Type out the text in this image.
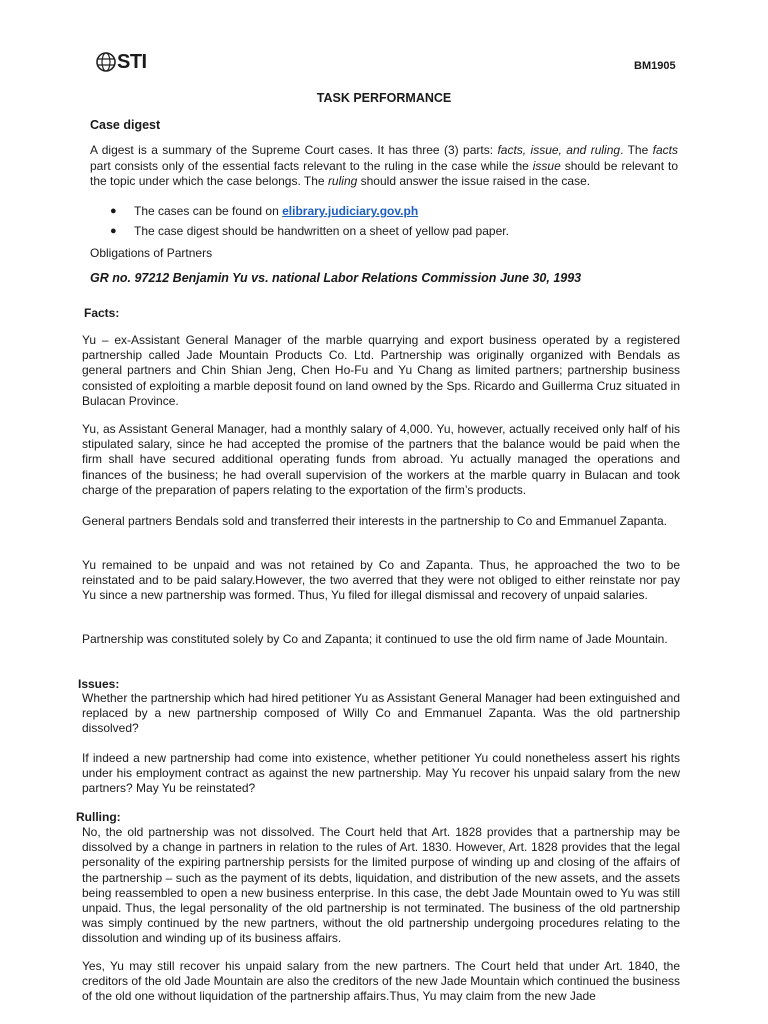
STI	BM1905
TASK PERFORMANCE
Case digest
A digest is a summary of the Supreme Court cases. It has three (3) parts: facts, issue, and ruling. The facts part consists only of the essential facts relevant to the ruling in the case while the issue should be relevant to the topic under which the case belongs. The ruling should answer the issue raised in the case.
●	The cases can be found on elibrary.judiciary.gov.ph
●	The case digest should be handwritten on a sheet of yellow pad paper.
Obligations of Partners
GR no. 97212 Benjamin Yu vs. national Labor Relations Commission June 30, 1993
Facts:
Yu – ex-Assistant General Manager of the marble quarrying and export business operated by a registered partnership called Jade Mountain Products Co. Ltd. Partnership was originally organized with Bendals as general partners and Chin Shian Jeng, Chen Ho-Fu and Yu Chang as limited partners; partnership business consisted of exploiting a marble deposit found on land owned by the Sps. Ricardo and Guillerma Cruz situated in Bulacan Province.
Yu, as Assistant General Manager, had a monthly salary of 4,000. Yu, however, actually received only half of his stipulated salary, since he had accepted the promise of the partners that the balance would be paid when the firm shall have secured additional operating funds from abroad. Yu actually managed the operations and finances of the business; he had overall supervision of the workers at the marble quarry in Bulacan and took charge of the preparation of papers relating to the exportation of the firm’s products.
General partners Bendals sold and transferred their interests in the partnership to Co and Emmanuel Zapanta.
Yu remained to be unpaid and was not retained by Co and Zapanta. Thus, he approached the two to be reinstated and to be paid salary.However, the two averred that they were not obliged to either reinstate nor pay Yu since a new partnership was formed. Thus, Yu filed for illegal dismissal and recovery of unpaid salaries.
Partnership was constituted solely by Co and Zapanta; it continued to use the old firm name of Jade Mountain.
Issues:
Whether the partnership which had hired petitioner Yu as Assistant General Manager had been extinguished and replaced by a new partnership composed of Willy Co and Emmanuel Zapanta. Was the old partnership dissolved?
If indeed a new partnership had come into existence, whether petitioner Yu could nonetheless assert his rights under his employment contract as against the new partnership. May Yu recover his unpaid salary from the new partners? May Yu be reinstated?
Rulling:
No, the old partnership was not dissolved. The Court held that Art. 1828 provides that a partnership may be dissolved by a change in partners in relation to the rules of Art. 1830. However, Art. 1828 provides that the legal personality of the expiring partnership persists for the limited purpose of winding up and closing of the affairs of the partnership – such as the payment of its debts, liquidation, and distribution of the new assets, and the assets being reassembled to open a new business enterprise. In this case, the debt Jade Mountain owed to Yu was still unpaid. Thus, the legal personality of the old partnership is not terminated. The business of the old partnership was simply continued by the new partners, without the old partnership undergoing procedures relating to the dissolution and winding up of its business affairs.
Yes, Yu may still recover his unpaid salary from the new partners. The Court held that under Art. 1840, the creditors of the old Jade Mountain are also the creditors of the new Jade Mountain which continued the business of the old one without liquidation of the partnership affairs.Thus, Yu may claim from the new Jade
